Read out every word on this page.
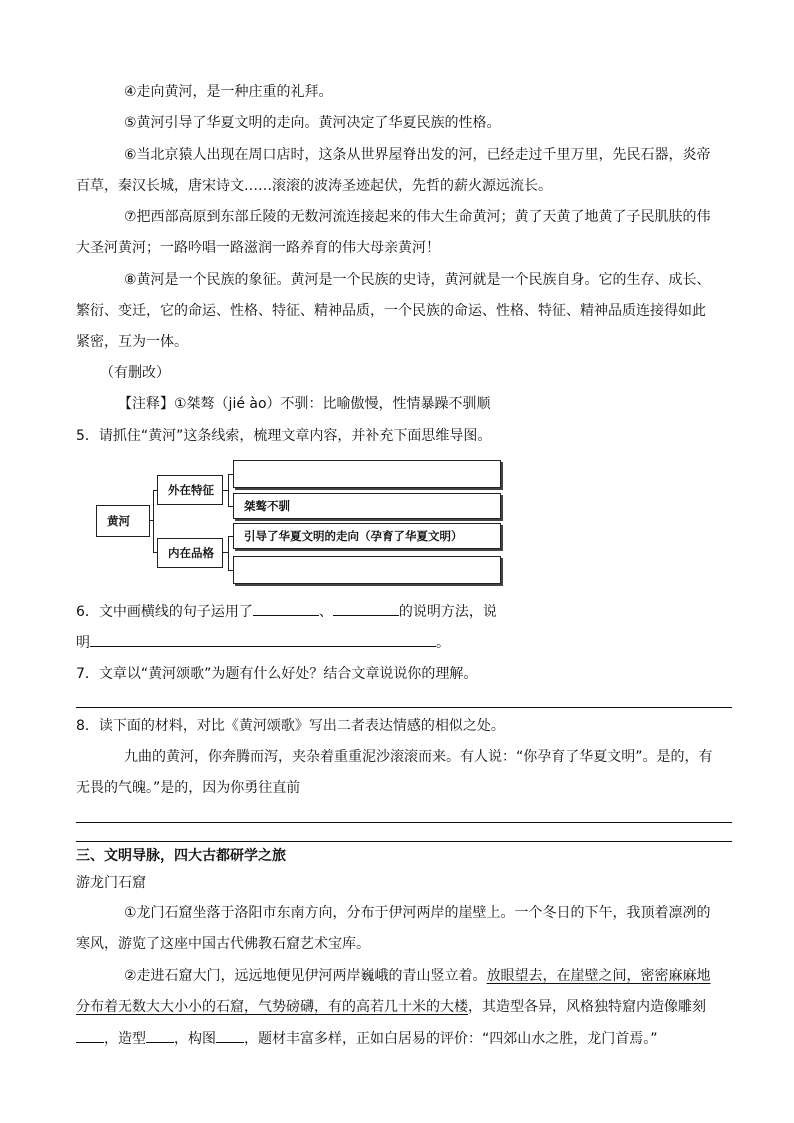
④走向黄河，是一种庄重的礼拜。
⑤黄河引导了华夏文明的走向。黄河决定了华夏民族的性格。
⑥当北京猿人出现在周口店时，这条从世界屋脊出发的河，已经走过千里万里，先民石器，炎帝
百草，秦汉长城，唐宋诗文……滚滚的波涛圣迹起伏，先哲的薪火源远流长。
⑦把西部高原到东部丘陵的无数河流连接起来的伟大生命黄河；黄了天黄了地黄了子民肌肤的伟
大圣河黄河；一路吟唱一路滋润一路养育的伟大母亲黄河！
⑧黄河是一个民族的象征。黄河是一个民族的史诗，黄河就是一个民族自身。它的生存、成长、
繁衍、变迁，它的命运、性格、特征、精神品质，一个民族的命运、性格、特征、精神品质连接得如此
紧密，互为一体。
（有删改）
【注释】①桀骜（jié ào）不驯：比喻傲慢，性情暴躁不驯顺
5．请抓住“黄河”这条线索，梳理文章内容，并补充下面思维导图。
黄河
外在特征
内在品格
桀骜不驯
引导了华夏文明的走向（孕育了华夏文明）
6．文中画横线的句子运用了	、	的说明方法，说
明	。
7．文章以“黄河颂歌”为题有什么好处？结合文章说说你的理解。
8．读下面的材料，对比《黄河颂歌》写出二者表达情感的相似之处。
九曲的黄河，你奔腾而泻，夹杂着重重泥沙滚滚而来。有人说：“你孕育了华夏文明”。是的，有
无畏的气魄。”是的，因为你勇往直前
三、文明导脉，四大古都研学之旅
游龙门石窟
①龙门石窟坐落于洛阳市东南方向，分布于伊河两岸的崖壁上。一个冬日的下午，我顶着凛冽的
寒风，游览了这座中国古代佛教石窟艺术宝库。
②走进石窟大门，远远地便见伊河两岸巍峨的青山竖立着。放眼望去，在崖壁之间，密密麻麻地
分布着无数大大小小的石窟，气势磅礴，有的高若几十米的大楼，其造型各异，风格独特窟内造像雕刻
，造型 ，构图 ，题材丰富多样，正如白居易的评价：“四郊山水之胜，龙门首焉。”
